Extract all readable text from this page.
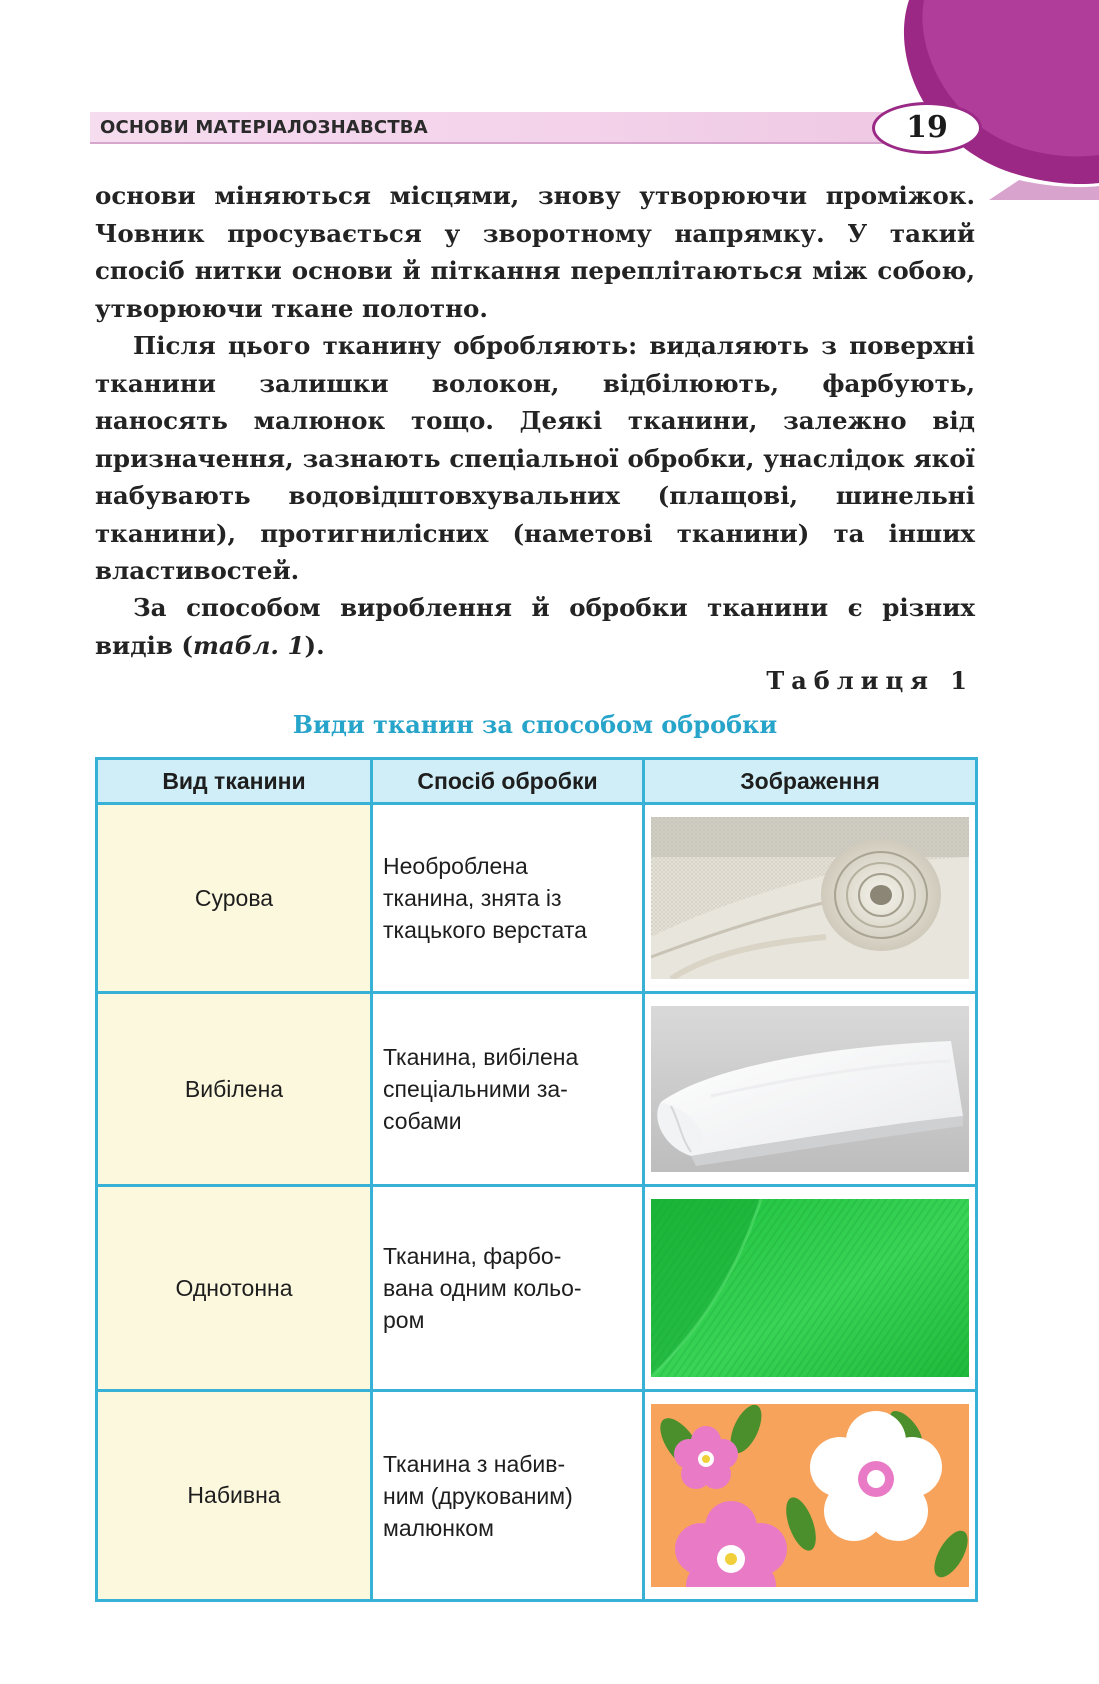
ОСНОВИ МАТЕРІАЛОЗНАВСТВА	19

основи міняються місцями, знову утворюючи проміжок. Човник просувається у зворотному напрямку. У такий спосіб нитки основи й піткання переплітаються між собою, утворюючи ткане полотно.

Після цього тканину обробляють: видаляють з поверхні тканини залишки волокон, відбілюють, фарбують, наносять малюнок тощо. Деякі тканини, залежно від призначення, зазнають спеціальної обробки, унаслідок якої набувають водовідштовхувальних (плащові, шинельні тканини), протигнилісних (наметові тканини) та інших властивостей.

За способом вироблення й обробки тканини є різних видів (табл. 1).

Таблиця 1
Види тканин за способом обробки
Вид тканини	Спосіб обробки	Зображення
Сурова	Необроблена
тканина, знята із
ткацького верстата

Вибілена	Тканина, вибілена
спеціальними за-
собами

Однотонна	Тканина, фарбо-
вана одним кольо-
ром

Набивна	Тканина з набив-
ним (друкованим)
малюнком
